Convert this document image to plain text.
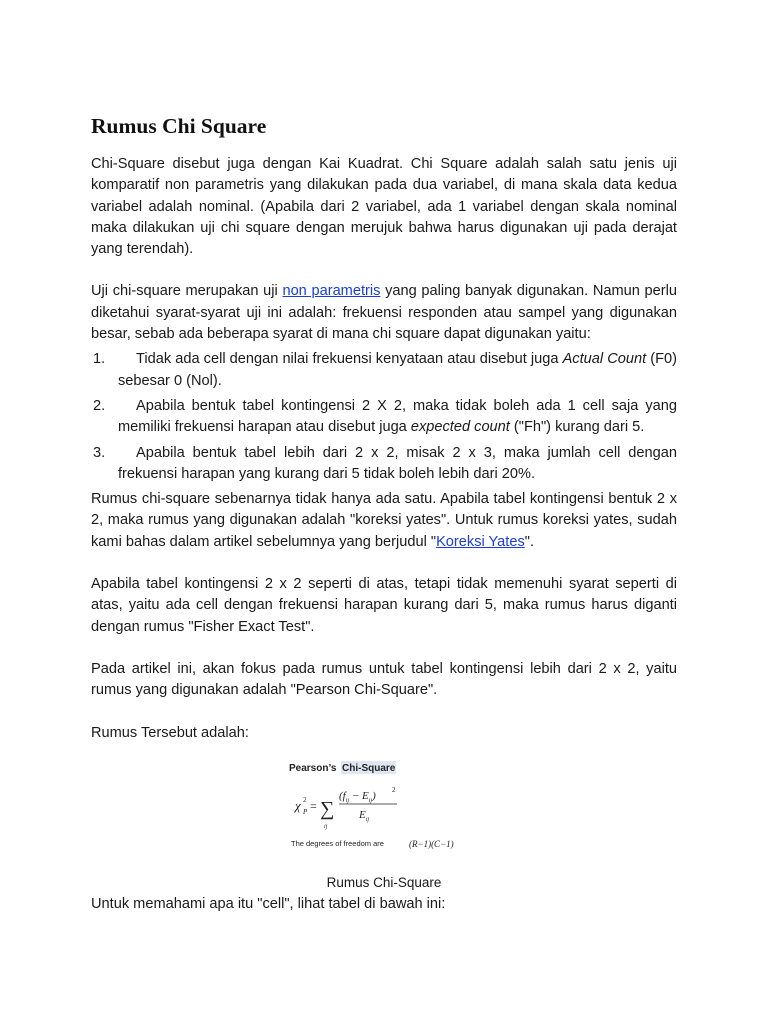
Rumus Chi Square

Chi-Square disebut juga dengan Kai Kuadrat. Chi Square adalah salah satu jenis uji komparatif non parametris yang dilakukan pada dua variabel, di mana skala data kedua variabel adalah nominal. (Apabila dari 2 variabel, ada 1 variabel dengan skala nominal maka dilakukan uji chi square dengan merujuk bahwa harus digunakan uji pada derajat yang terendah).

Uji chi-square merupakan uji non parametris yang paling banyak digunakan. Namun perlu diketahui syarat-syarat uji ini adalah: frekuensi responden atau sampel yang digunakan besar, sebab ada beberapa syarat di mana chi square dapat digunakan yaitu:

1. Tidak ada cell dengan nilai frekuensi kenyataan atau disebut juga Actual Count (F0) sebesar 0 (Nol).
2. Apabila bentuk tabel kontingensi 2 X 2, maka tidak boleh ada 1 cell saja yang memiliki frekuensi harapan atau disebut juga expected count ("Fh") kurang dari 5.
3. Apabila bentuk tabel lebih dari 2 x 2, misak 2 x 3, maka jumlah cell dengan frekuensi harapan yang kurang dari 5 tidak boleh lebih dari 20%.

Rumus chi-square sebenarnya tidak hanya ada satu. Apabila tabel kontingensi bentuk 2 x 2, maka rumus yang digunakan adalah "koreksi yates". Untuk rumus koreksi yates, sudah kami bahas dalam artikel sebelumnya yang berjudul "Koreksi Yates".

Apabila tabel kontingensi 2 x 2 seperti di atas, tetapi tidak memenuhi syarat seperti di atas, yaitu ada cell dengan frekuensi harapan kurang dari 5, maka rumus harus diganti dengan rumus "Fisher Exact Test".

Pada artikel ini, akan fokus pada rumus untuk tabel kontingensi lebih dari 2 x 2, yaitu rumus yang digunakan adalah "Pearson Chi-Square".

Rumus Tersebut adalah:

Pearson’s Chi-Square
χ 2
P = ∑
ij
$(f_{ij} - E_{ij})$ 2
$E_{ij}$
The degrees of freedom are	(R−1)(C−1)
Rumus Chi-Square

Untuk memahami apa itu "cell", lihat tabel di bawah ini:
